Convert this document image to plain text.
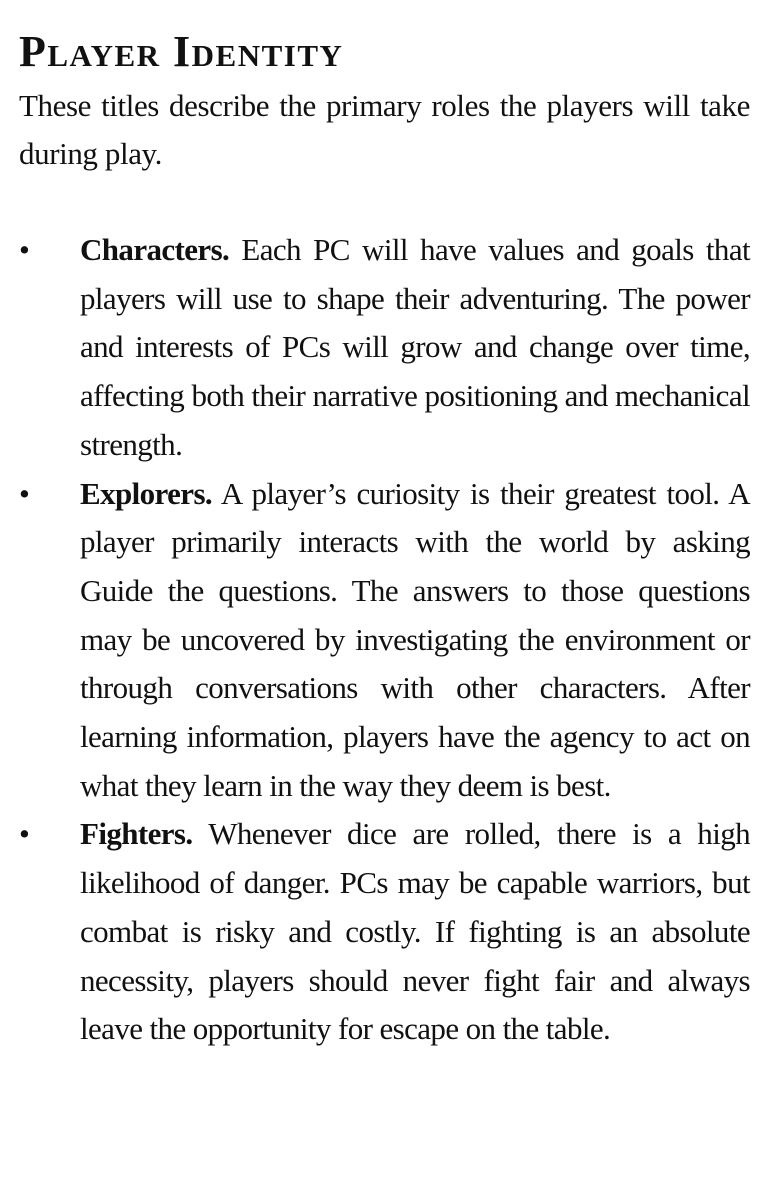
Player Identity

These titles describe the primary roles the players will take during play.

•	Characters. Each PC will have values and goals that players will use to shape their adventuring. The power and interests of PCs will grow and change over time, affecting both their narrative positioning and mechanical strength.
•	Explorers. A player’s curiosity is their greatest tool. A player primarily interacts with the world by asking Guide the questions. The answers to those questions may be uncovered by investigating the environment or through conversations with other characters. After learning information, players have the agency to act on what they learn in the way they deem is best.
•	Fighters. Whenever dice are rolled, there is a high likelihood of danger. PCs may be capable warriors, but combat is risky and costly. If fighting is an absolute necessity, players should never fight fair and always leave the opportunity for escape on the table.
